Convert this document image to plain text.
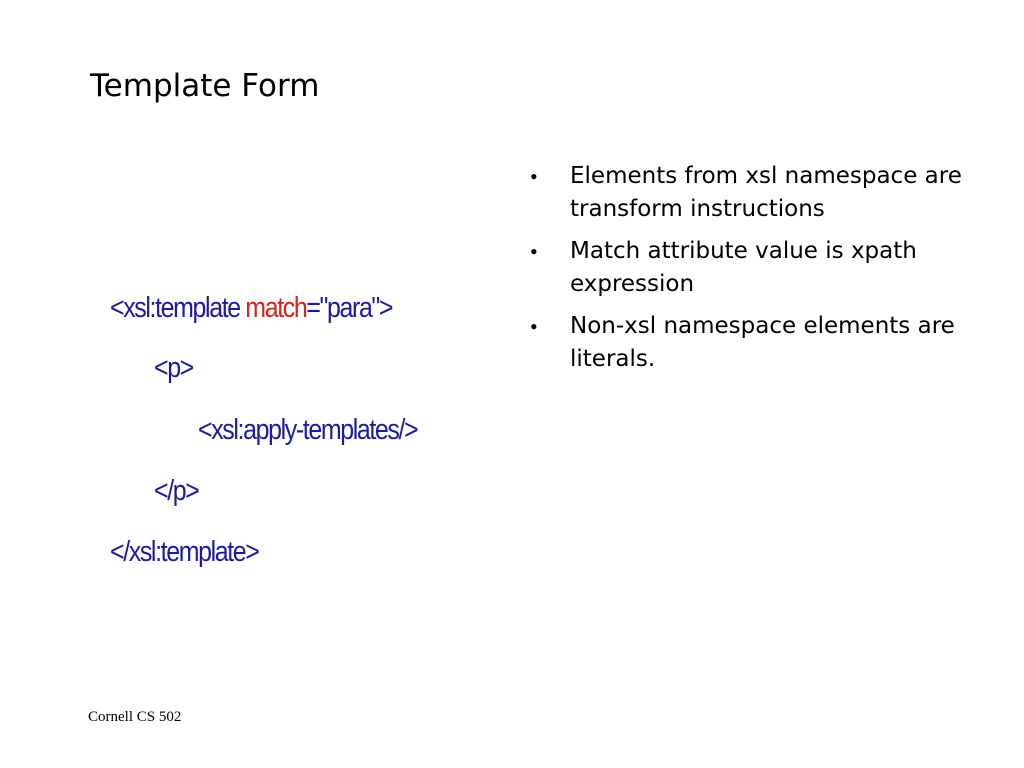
Template Form
<xsl:template match="para">
<p>
<xsl:apply-templates/>
</p>
</xsl:template>
• Elements from xsl namespace are transform instructions
• Match attribute value is xpath expression
• Non-xsl namespace elements are literals.
Cornell CS 502
